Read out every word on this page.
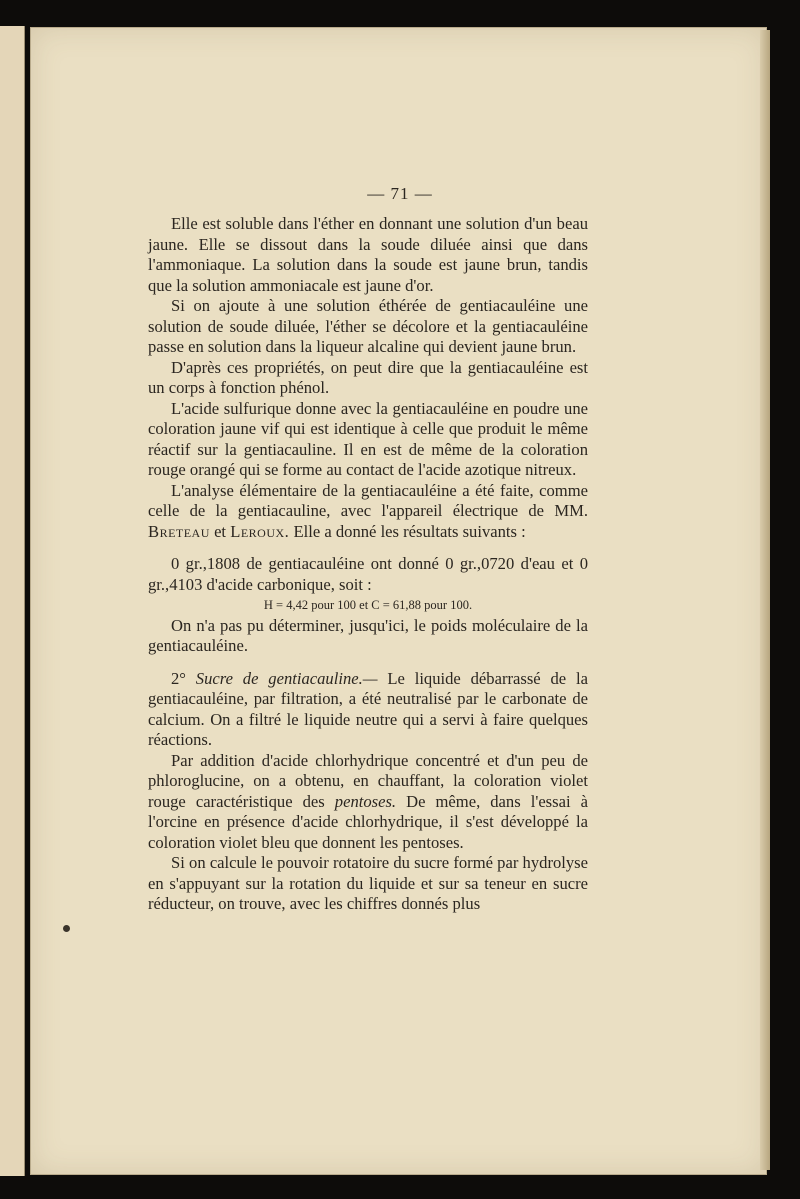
— 71 —

Elle est soluble dans l'éther en donnant une solution d'un beau jaune. Elle se dissout dans la soude diluée ainsi que dans l'ammoniaque. La solution dans la soude est jaune brun, tandis que la solution ammoniacale est jaune d'or.

Si on ajoute à une solution éthérée de gentiacauléine une solution de soude diluée, l'éther se décolore et la gentiacauléine passe en solution dans la liqueur alcaline qui devient jaune brun.

D'après ces propriétés, on peut dire que la gentiacauléine est un corps à fonction phénol.

L'acide sulfurique donne avec la gentiacauléine en poudre une coloration jaune vif qui est identique à celle que produit le même réactif sur la gentiacauline. Il en est de même de la coloration rouge orangé qui se forme au contact de l'acide azotique nitreux.

L'analyse élémentaire de la gentiacauléine a été faite, comme celle de la gentiacauline, avec l'appareil électrique de MM. Breteau et Leroux. Elle a donné les résultats suivants :

0 gr.,1808 de gentiacauléine ont donné 0 gr.,0720 d'eau et 0 gr.,4103 d'acide carbonique, soit :

H = 4,42 pour 100 et C = 61,88 pour 100.

On n'a pas pu déterminer, jusqu'ici, le poids moléculaire de la gentiacauléine.

2° Sucre de gentiacauline.— Le liquide débarrassé de la gentiacauléine, par filtration, a été neutralisé par le carbonate de calcium. On a filtré le liquide neutre qui a servi à faire quelques réactions.

Par addition d'acide chlorhydrique concentré et d'un peu de phloroglucine, on a obtenu, en chauffant, la coloration violet rouge caractéristique des pentoses. De même, dans l'essai à l'orcine en présence d'acide chlorhydrique, il s'est développé la coloration violet bleu que donnent les pentoses.

Si on calcule le pouvoir rotatoire du sucre formé par hydrolyse en s'appuyant sur la rotation du liquide et sur sa teneur en sucre réducteur, on trouve, avec les chiffres donnés plus
